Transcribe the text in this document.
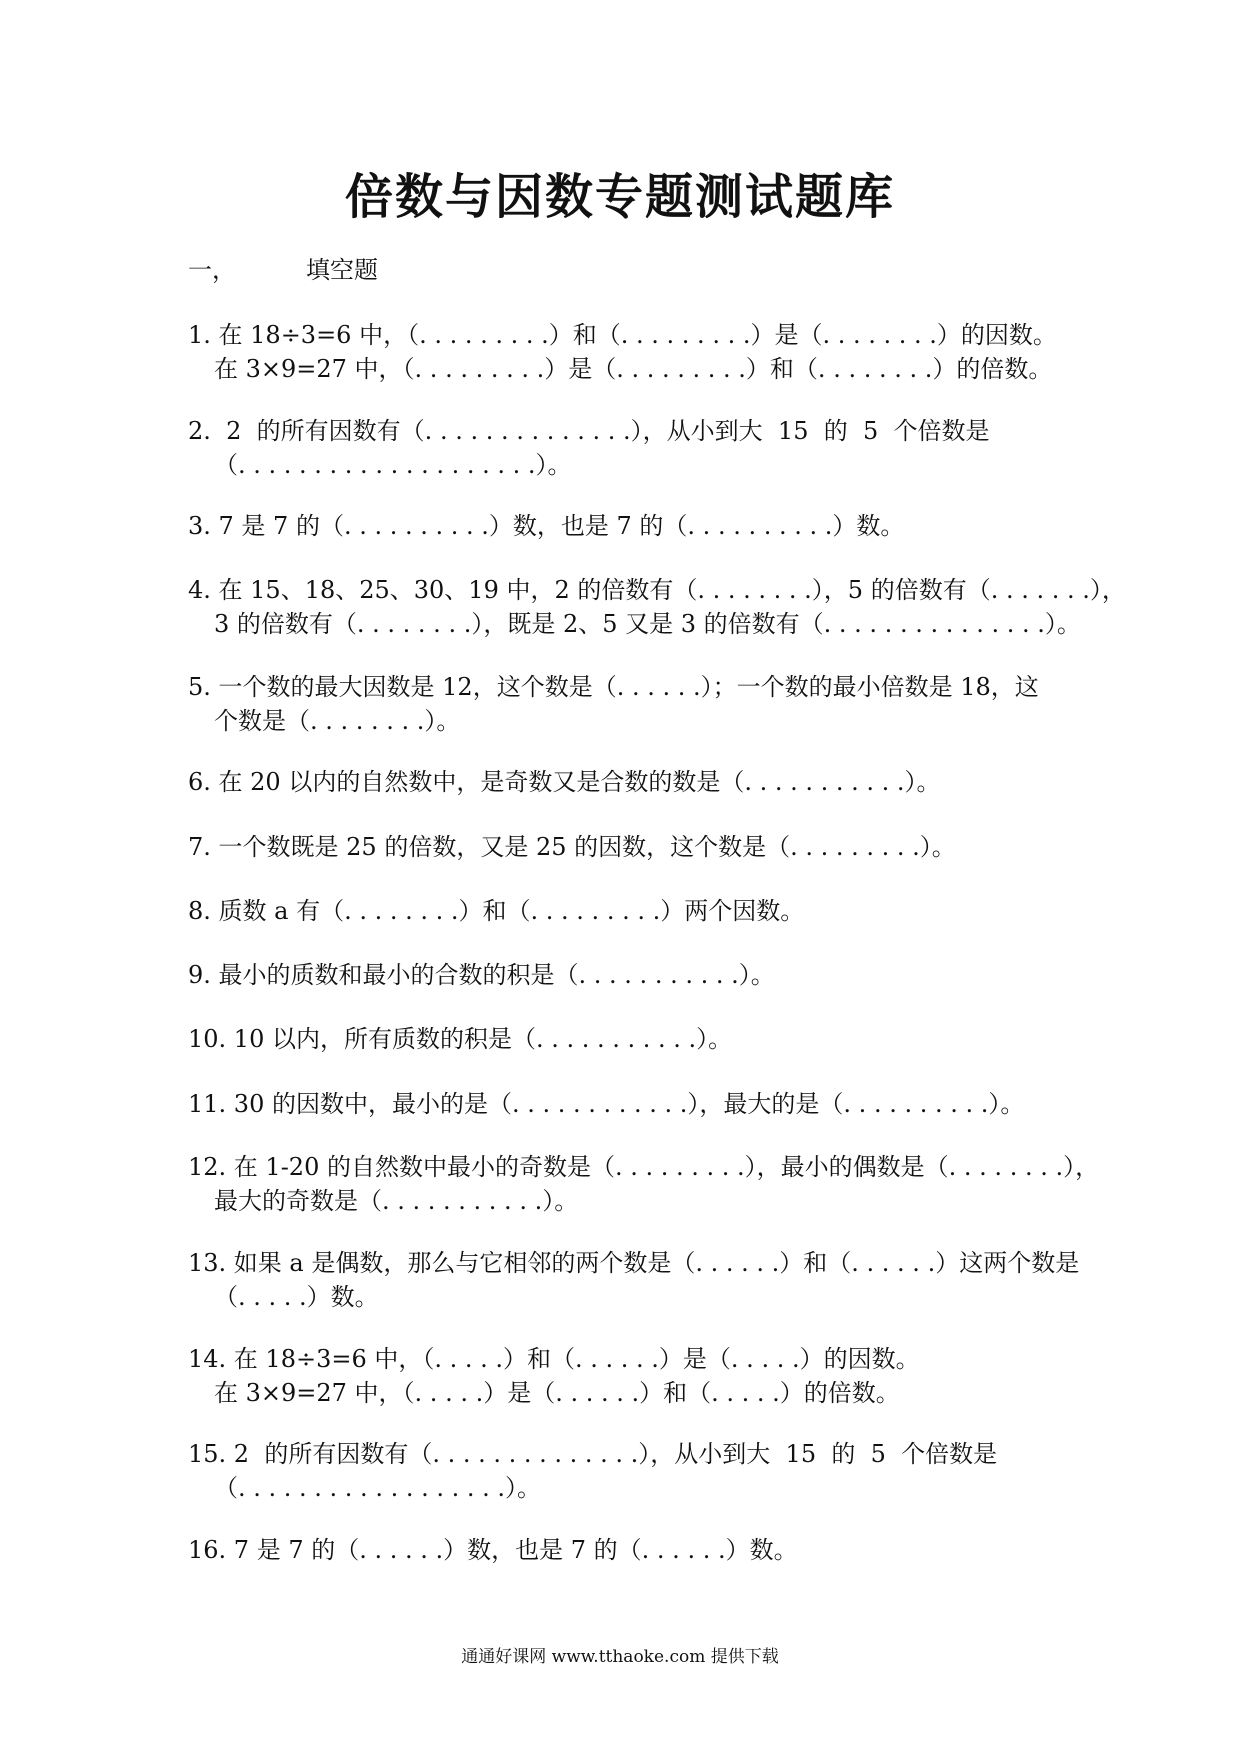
倍数与因数专题测试题库
一，	填空题
1. 在 18÷3=6 中，（. . . . . . . . .）和（. . . . . . . . .）是（. . . . . . . .）的因数。
在 3×9=27 中，（. . . . . . . . .）是（. . . . . . . . .）和（. . . . . . . .）的倍数。
2.  2  的所有因数有（. . . . . . . . . . . . . .），从小到大  15  的  5  个倍数是
（. . . . . . . . . . . . . . . . . . . .）。
3. 7 是 7 的（. . . . . . . . . .）数，也是 7 的（. . . . . . . . . .）数。
4. 在 15、18、25、30、19 中，2 的倍数有（. . . . . . . .），5 的倍数有（. . . . . . .），
3 的倍数有（. . . . . . . .），既是 2、5 又是 3 的倍数有（. . . . . . . . . . . . . . .）。
5. 一个数的最大因数是 12，这个数是（. . . . . .）；一个数的最小倍数是 18，这
个数是（. . . . . . . .）。
6. 在 20 以内的自然数中，是奇数又是合数的数是（. . . . . . . . . . .）。
7. 一个数既是 25 的倍数，又是 25 的因数，这个数是（. . . . . . . . .）。
8. 质数 a 有（. . . . . . . .）和（. . . . . . . . .）两个因数。
9. 最小的质数和最小的合数的积是（. . . . . . . . . . .）。
10. 10 以内，所有质数的积是（. . . . . . . . . . .）。
11. 30 的因数中，最小的是（. . . . . . . . . . . .），最大的是（. . . . . . . . . .）。
12. 在 1-20 的自然数中最小的奇数是（. . . . . . . . .），最小的偶数是（. . . . . . . .），
最大的奇数是（. . . . . . . . . . .）。
13. 如果 a 是偶数，那么与它相邻的两个数是（. . . . . .）和（. . . . . .）这两个数是
（. . . . .）数。
14. 在 18÷3=6 中，（. . . . .）和（. . . . . .）是（. . . . .）的因数。
在 3×9=27 中，（. . . . .）是（. . . . . .）和（. . . . .）的倍数。
15. 2  的所有因数有（. . . . . . . . . . . . . .），从小到大  15  的  5  个倍数是
（. . . . . . . . . . . . . . . . . .）。
16. 7 是 7 的（. . . . . .）数，也是 7 的（. . . . . .）数。
通通好课网 www.tthaoke.com 提供下载
